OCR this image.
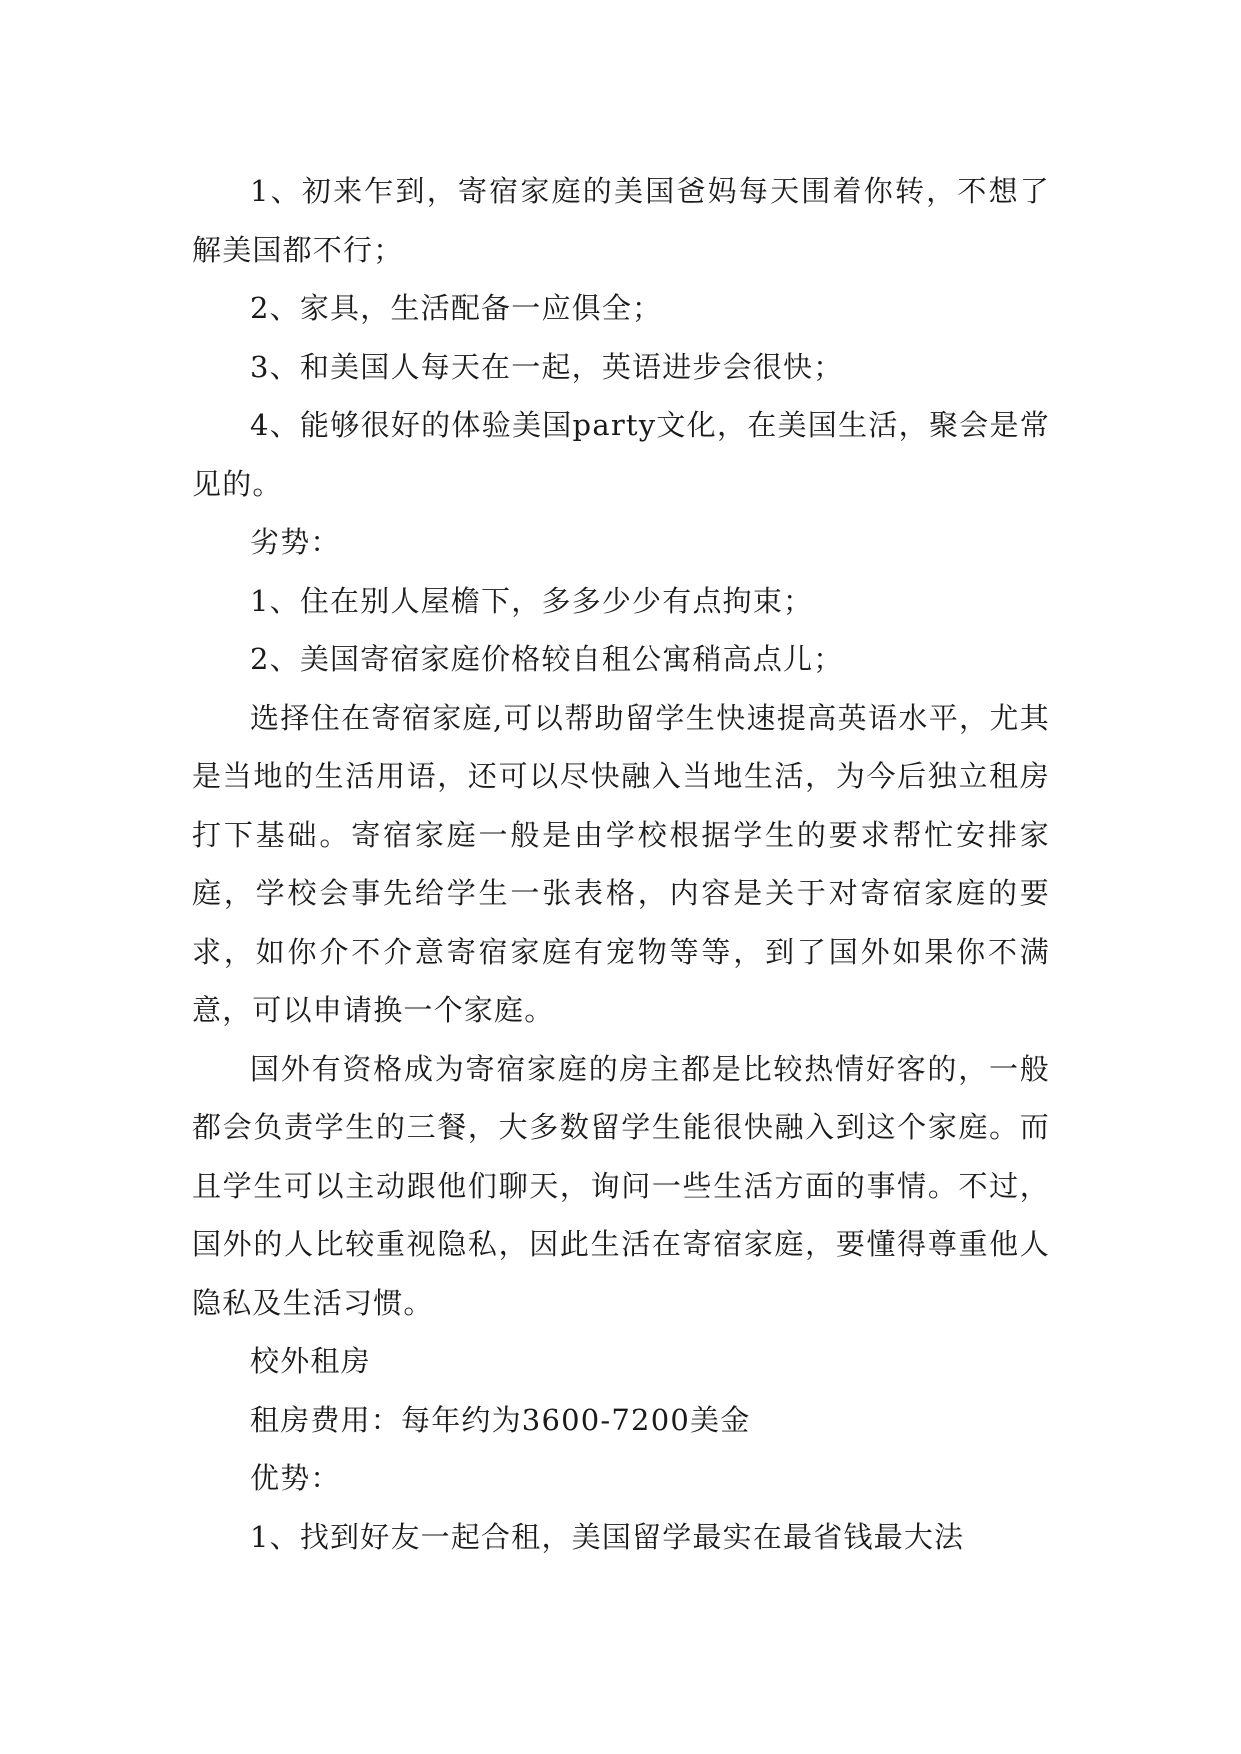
1、初来乍到，寄宿家庭的美国爸妈每天围着你转，不想了解美国都不行；

2、家具，生活配备一应俱全；

3、和美国人每天在一起，英语进步会很快；

4、能够很好的体验美国party文化，在美国生活，聚会是常见的。

劣势：

1、住在别人屋檐下，多多少少有点拘束；

2、美国寄宿家庭价格较自租公寓稍高点儿；

选择住在寄宿家庭,可以帮助留学生快速提高英语水平，尤其是当地的生活用语，还可以尽快融入当地生活，为今后独立租房打下基础。寄宿家庭一般是由学校根据学生的要求帮忙安排家庭，学校会事先给学生一张表格，内容是关于对寄宿家庭的要求，如你介不介意寄宿家庭有宠物等等，到了国外如果你不满意，可以申请换一个家庭。

国外有资格成为寄宿家庭的房主都是比较热情好客的，一般都会负责学生的三餐，大多数留学生能很快融入到这个家庭。而且学生可以主动跟他们聊天，询问一些生活方面的事情。不过，国外的人比较重视隐私，因此生活在寄宿家庭，要懂得尊重他人隐私及生活习惯。

校外租房

租房费用：每年约为3600-7200美金

优势：

1、找到好友一起合租，美国留学最实在最省钱最大法
